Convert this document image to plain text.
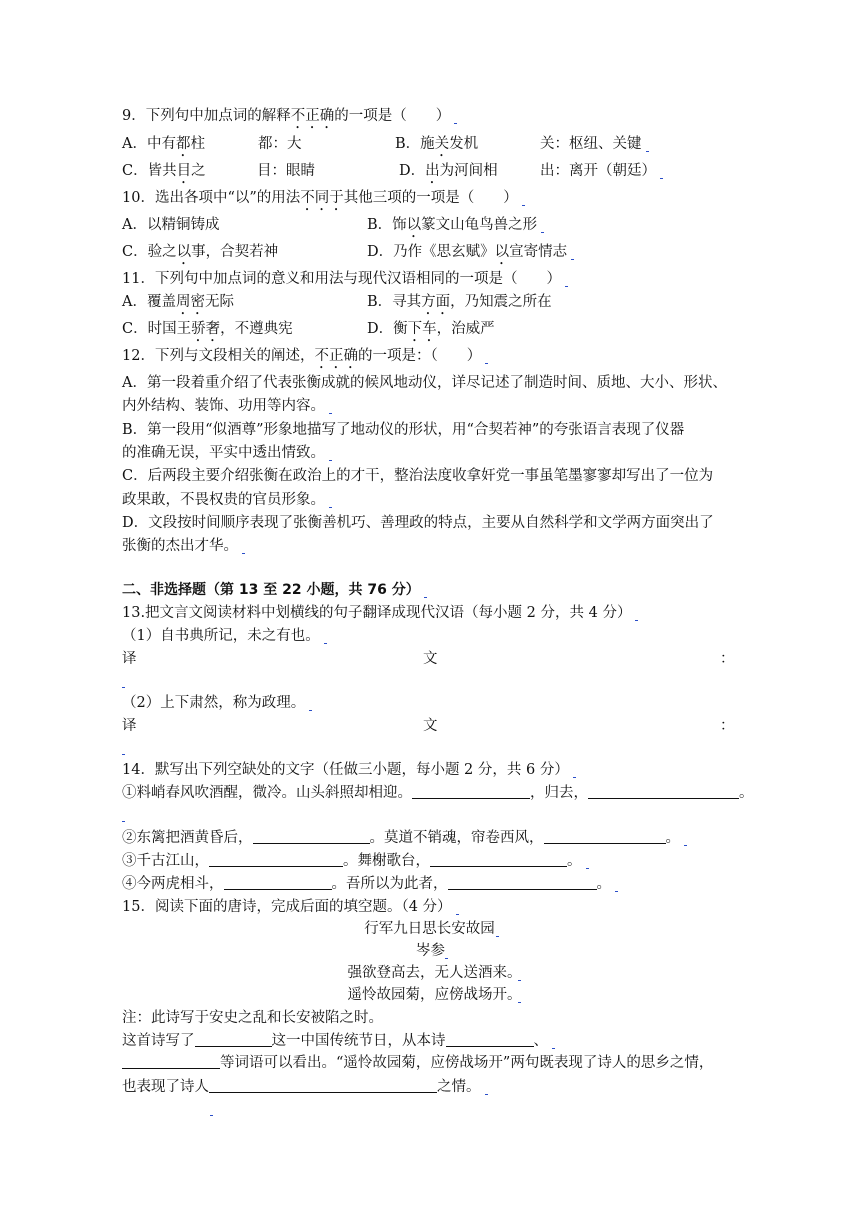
9．下列句中加点词的解释不正确的一项是（　　）
A．中有都柱	都：大	B．施关发机	关：枢纽、关键
C．皆共目之	目：眼睛	D．出为河间相	出：离开（朝廷）
10．选出各项中“以”的用法不同于其他三项的一项是（　　）
A．以精铜铸成	B．饰以篆文山龟鸟兽之形
C．验之以事，合契若神	D．乃作《思玄赋》以宣寄情志
11．下列句中加点词的意义和用法与现代汉语相同的一项是（　　）
A．覆盖周密无际	B．寻其方面，乃知震之所在
C．时国王骄奢，不遵典宪	D．衡下车，治威严
12．下列与文段相关的阐述，不正确的一项是：（　　）
A．第一段着重介绍了代表张衡成就的候风地动仪，详尽记述了制造时间、质地、大小、形状、
内外结构、装饰、功用等内容。
B．第一段用“似酒尊”形象地描写了地动仪的形状，用“合契若神”的夸张语言表现了仪器
的准确无误，平实中透出情致。
C．后两段主要介绍张衡在政治上的才干，整治法度收拿奸党一事虽笔墨寥寥却写出了一位为
政果敢，不畏权贵的官员形象。
D．文段按时间顺序表现了张衡善机巧、善理政的特点，主要从自然科学和文学两方面突出了
张衡的杰出才华。
二、非选择题（第 13 至 22 小题，共 76 分）
13.把文言文阅读材料中划横线的句子翻译成现代汉语（每小题 2 分，共 4 分）
（1）自书典所记，未之有也。
译	文	：
（2）上下肃然，称为政理。
译	文	：
14．默写出下列空缺处的文字（任做三小题，每小题 2 分，共 6 分）
①料峭春风吹酒醒，微冷。山头斜照却相迎。	，归去，	。
②东篱把酒黄昏后，	。莫道不销魂，帘卷西风，	。
③千古江山，	。舞榭歌台，	。
④今两虎相斗，	。吾所以为此者，	。
15．阅读下面的唐诗，完成后面的填空题。（4 分）
行军九日思长安故园
岑参
强欲登高去，无人送酒来。
遥怜故园菊，应傍战场开。
注：此诗写于安史之乱和长安被陷之时。
这首诗写了	这一中国传统节日，从本诗	、
等词语可以看出。“遥怜故园菊，应傍战场开”两句既表现了诗人的思乡之情，
也表现了诗人	之情。
